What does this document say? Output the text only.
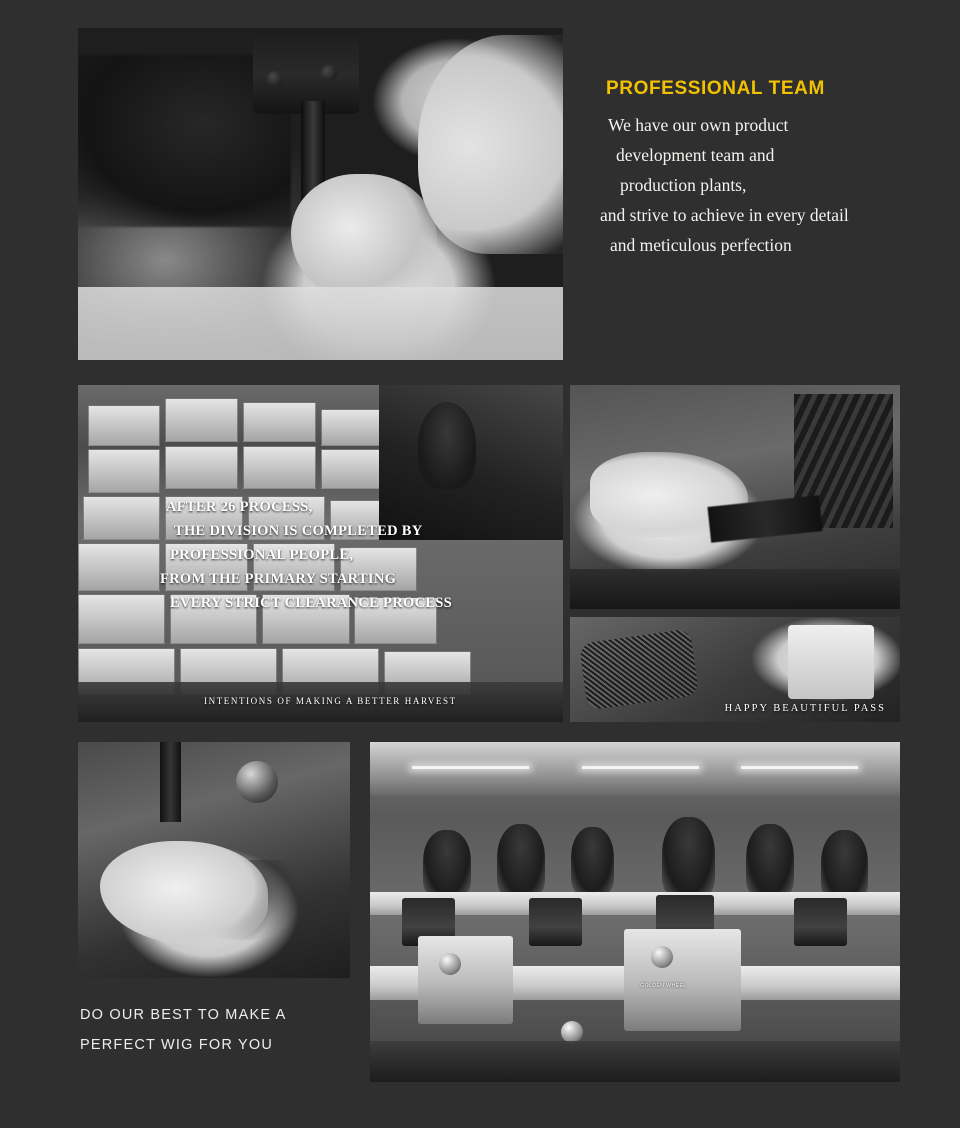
PROFESSIONAL TEAM
We have our own product
development team and
production plants,
and strive to achieve in every detail
and meticulous perfection
AFTER 26 PROCESS,
THE DIVISION IS COMPLETED BY
PROFESSIONAL PEOPLE,
FROM THE PRIMARY STARTING
EVERY STRICT CLEARANCE PROCESS
INTENTIONS OF MAKING A BETTER HARVEST
HAPPY BEAUTIFUL PASS
DO OUR BEST TO MAKE A
PERFECT WIG FOR YOU
GOLDEN WHEEL
